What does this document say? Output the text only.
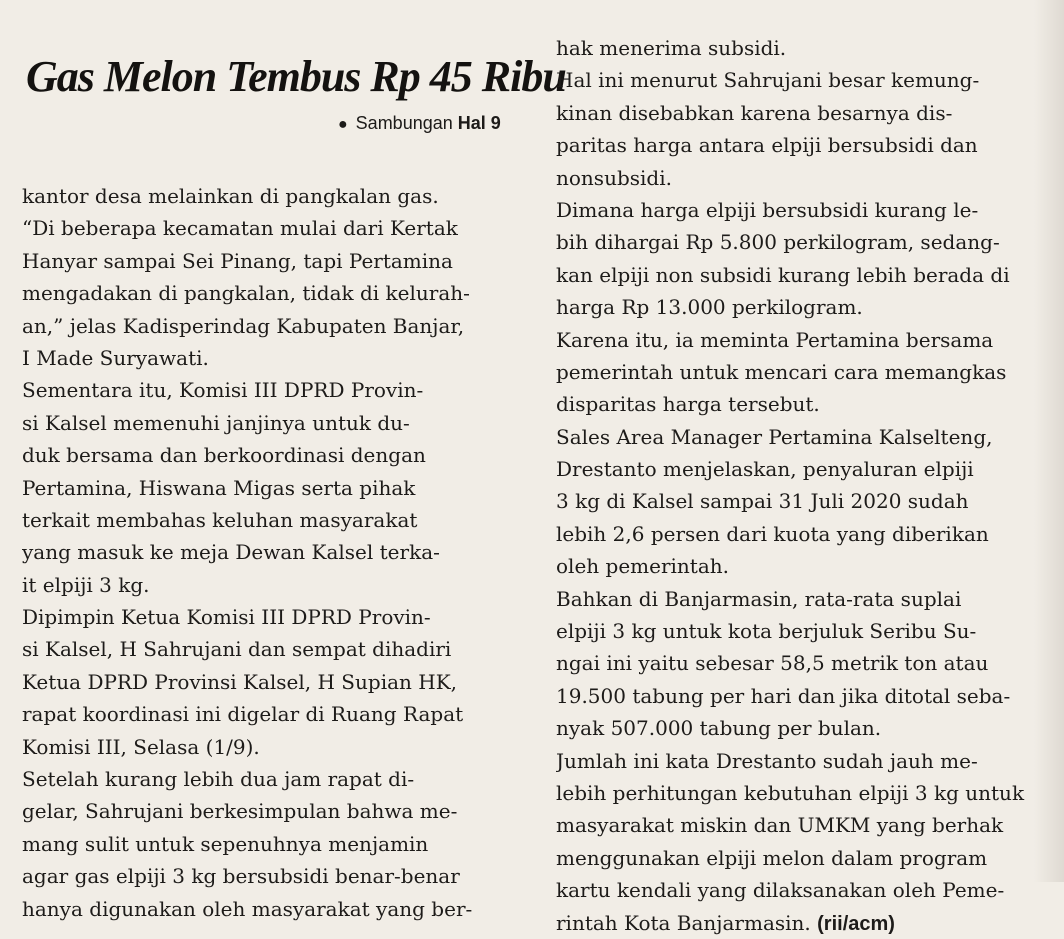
Gas Melon Tembus Rp 45 Ribu
● Sambungan Hal 9
kantor desa melainkan di pangkalan gas.
“Di beberapa kecamatan mulai dari Kertak
Hanyar sampai Sei Pinang, tapi Pertamina
mengadakan di pangkalan, tidak di kelurah-
an,” jelas Kadisperindag Kabupaten Banjar,
I Made Suryawati.
Sementara itu, Komisi III DPRD Provin-
si Kalsel memenuhi janjinya untuk du-
duk bersama dan berkoordinasi dengan
Pertamina, Hiswana Migas serta pihak
terkait membahas keluhan masyarakat
yang masuk ke meja Dewan Kalsel terka-
it elpiji 3 kg.
Dipimpin Ketua Komisi III DPRD Provin-
si Kalsel, H Sahrujani dan sempat dihadiri
Ketua DPRD Provinsi Kalsel, H Supian HK,
rapat koordinasi ini digelar di Ruang Rapat
Komisi III, Selasa (1/9).
Setelah kurang lebih dua jam rapat di-
gelar, Sahrujani berkesimpulan bahwa me-
mang sulit untuk sepenuhnya menjamin
agar gas elpiji 3 kg bersubsidi benar-benar
hanya digunakan oleh masyarakat yang ber-
hak menerima subsidi.
Hal ini menurut Sahrujani besar kemung-
kinan disebabkan karena besarnya dis-
paritas harga antara elpiji bersubsidi dan
nonsubsidi.
Dimana harga elpiji bersubsidi kurang le-
bih dihargai Rp 5.800 perkilogram, sedang-
kan elpiji non subsidi kurang lebih berada di
harga Rp 13.000 perkilogram.
Karena itu, ia meminta Pertamina bersama
pemerintah untuk mencari cara memangkas
disparitas harga tersebut.
Sales Area Manager Pertamina Kalselteng,
Drestanto menjelaskan, penyaluran elpiji
3 kg di Kalsel sampai 31 Juli 2020 sudah
lebih 2,6 persen dari kuota yang diberikan
oleh pemerintah.
Bahkan di Banjarmasin, rata-rata suplai
elpiji 3 kg untuk kota berjuluk Seribu Su-
ngai ini yaitu sebesar 58,5 metrik ton atau
19.500 tabung per hari dan jika ditotal seba-
nyak 507.000 tabung per bulan.
Jumlah ini kata Drestanto sudah jauh me-
lebih perhitungan kebutuhan elpiji 3 kg untuk
masyarakat miskin dan UMKM yang berhak
menggunakan elpiji melon dalam program
kartu kendali yang dilaksanakan oleh Peme-
rintah Kota Banjarmasin. (rii/acm)
